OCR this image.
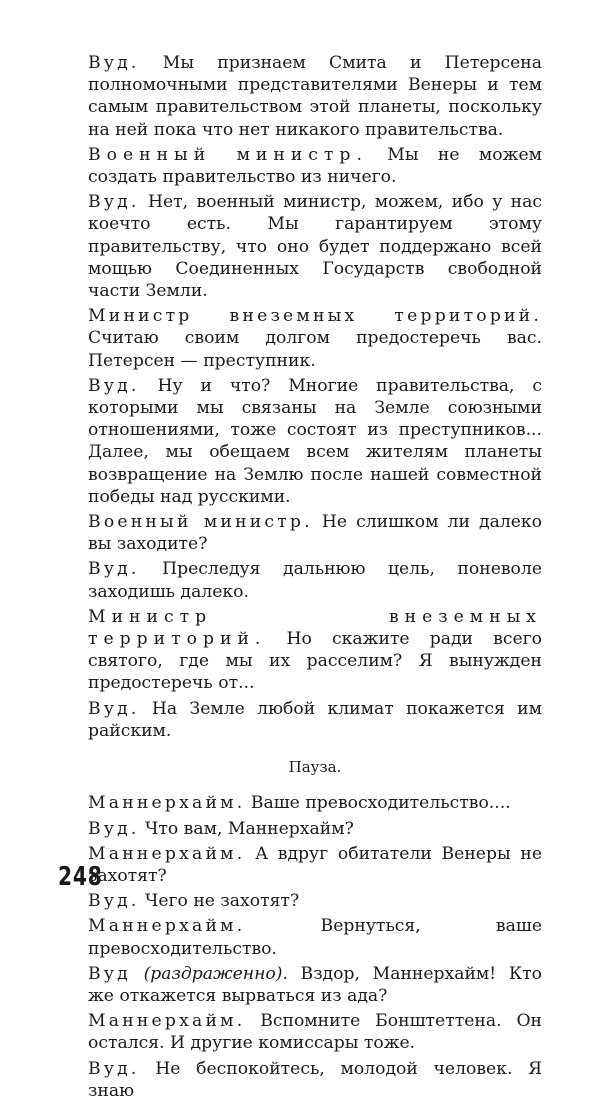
Вуд. Мы признаем Смита и Петерсена полномочными представителями Венеры и тем самым правительством этой планеты, поскольку на ней пока что нет никакого правительства.

Военный министр. Мы не можем создать правительство из ничего.

Вуд. Нет, военный министр, можем, ибо у нас коечто есть. Мы гарантируем этому правительству, что оно будет поддержано всей мощью Соединенных Государств свободной части Земли.

Министр внеземных территорий. Считаю своим долгом предостеречь вас. Петерсен — преступник.

Вуд. Ну и что? Многие правительства, с которыми мы связаны на Земле союзными отношениями, тоже состоят из преступников... Далее, мы обещаем всем жителям планеты возвращение на Землю после нашей совместной победы над русскими.

Военный министр. Не слишком ли далеко вы заходите?

Вуд. Преследуя дальнюю цель, поневоле заходишь далеко.

Министр внеземных территорий. Но скажите ради всего святого, где мы их расселим? Я вынужден предостеречь от...

Вуд. На Земле любой климат покажется им райским.

Пауза.

Маннерхайм. Ваше превосходительство....

Вуд. Что вам, Маннерхайм?

Маннерхайм. А вдруг обитатели Венеры не захотят?

Вуд. Чего не захотят?

Маннерхайм. Вернуться, ваше превосходительство.

Вуд (раздраженно). Вздор, Маннерхайм! Кто же откажется вырваться из ада?

Маннерхайм. Вспомните Бонштеттена. Он остался. И другие комиссары тоже.

Вуд. Не беспокойтесь, молодой человек. Я знаю

248
